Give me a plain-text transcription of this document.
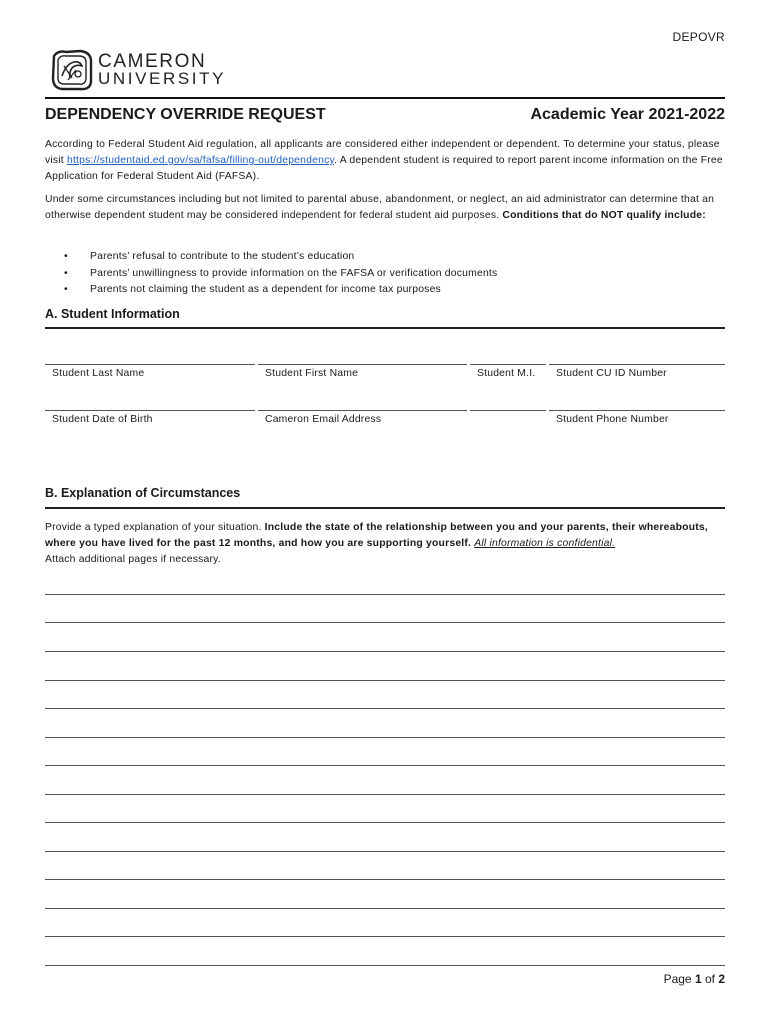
DEPOVR
CAMERON
UNIVERSITY
DEPENDENCY OVERRIDE REQUEST	Academic Year 2021-2022
According to Federal Student Aid regulation, all applicants are considered either independent or dependent. To determine your status, please visit https://studentaid.ed.gov/sa/fafsa/filling-out/dependency. A dependent student is required to report parent income information on the Free Application for Federal Student Aid (FAFSA).
Under some circumstances including but not limited to parental abuse, abandonment, or neglect, an aid administrator can determine that an otherwise dependent student may be considered independent for federal student aid purposes. Conditions that do NOT qualify include:
• Parents’ refusal to contribute to the student’s education
• Parents’ unwillingness to provide information on the FAFSA or verification documents
• Parents not claiming the student as a dependent for income tax purposes
A. Student Information
Student Last Name	Student First Name	Student M.I. Student CU ID Number
Student Date of Birth	Cameron Email Address	Student Phone Number
B. Explanation of Circumstances
Provide a typed explanation of your situation. Include the state of the relationship between you and your parents, their whereabouts, where you have lived for the past 12 months, and how you are supporting yourself. All information is confidential.
Attach additional pages if necessary.
Page 1 of 2
